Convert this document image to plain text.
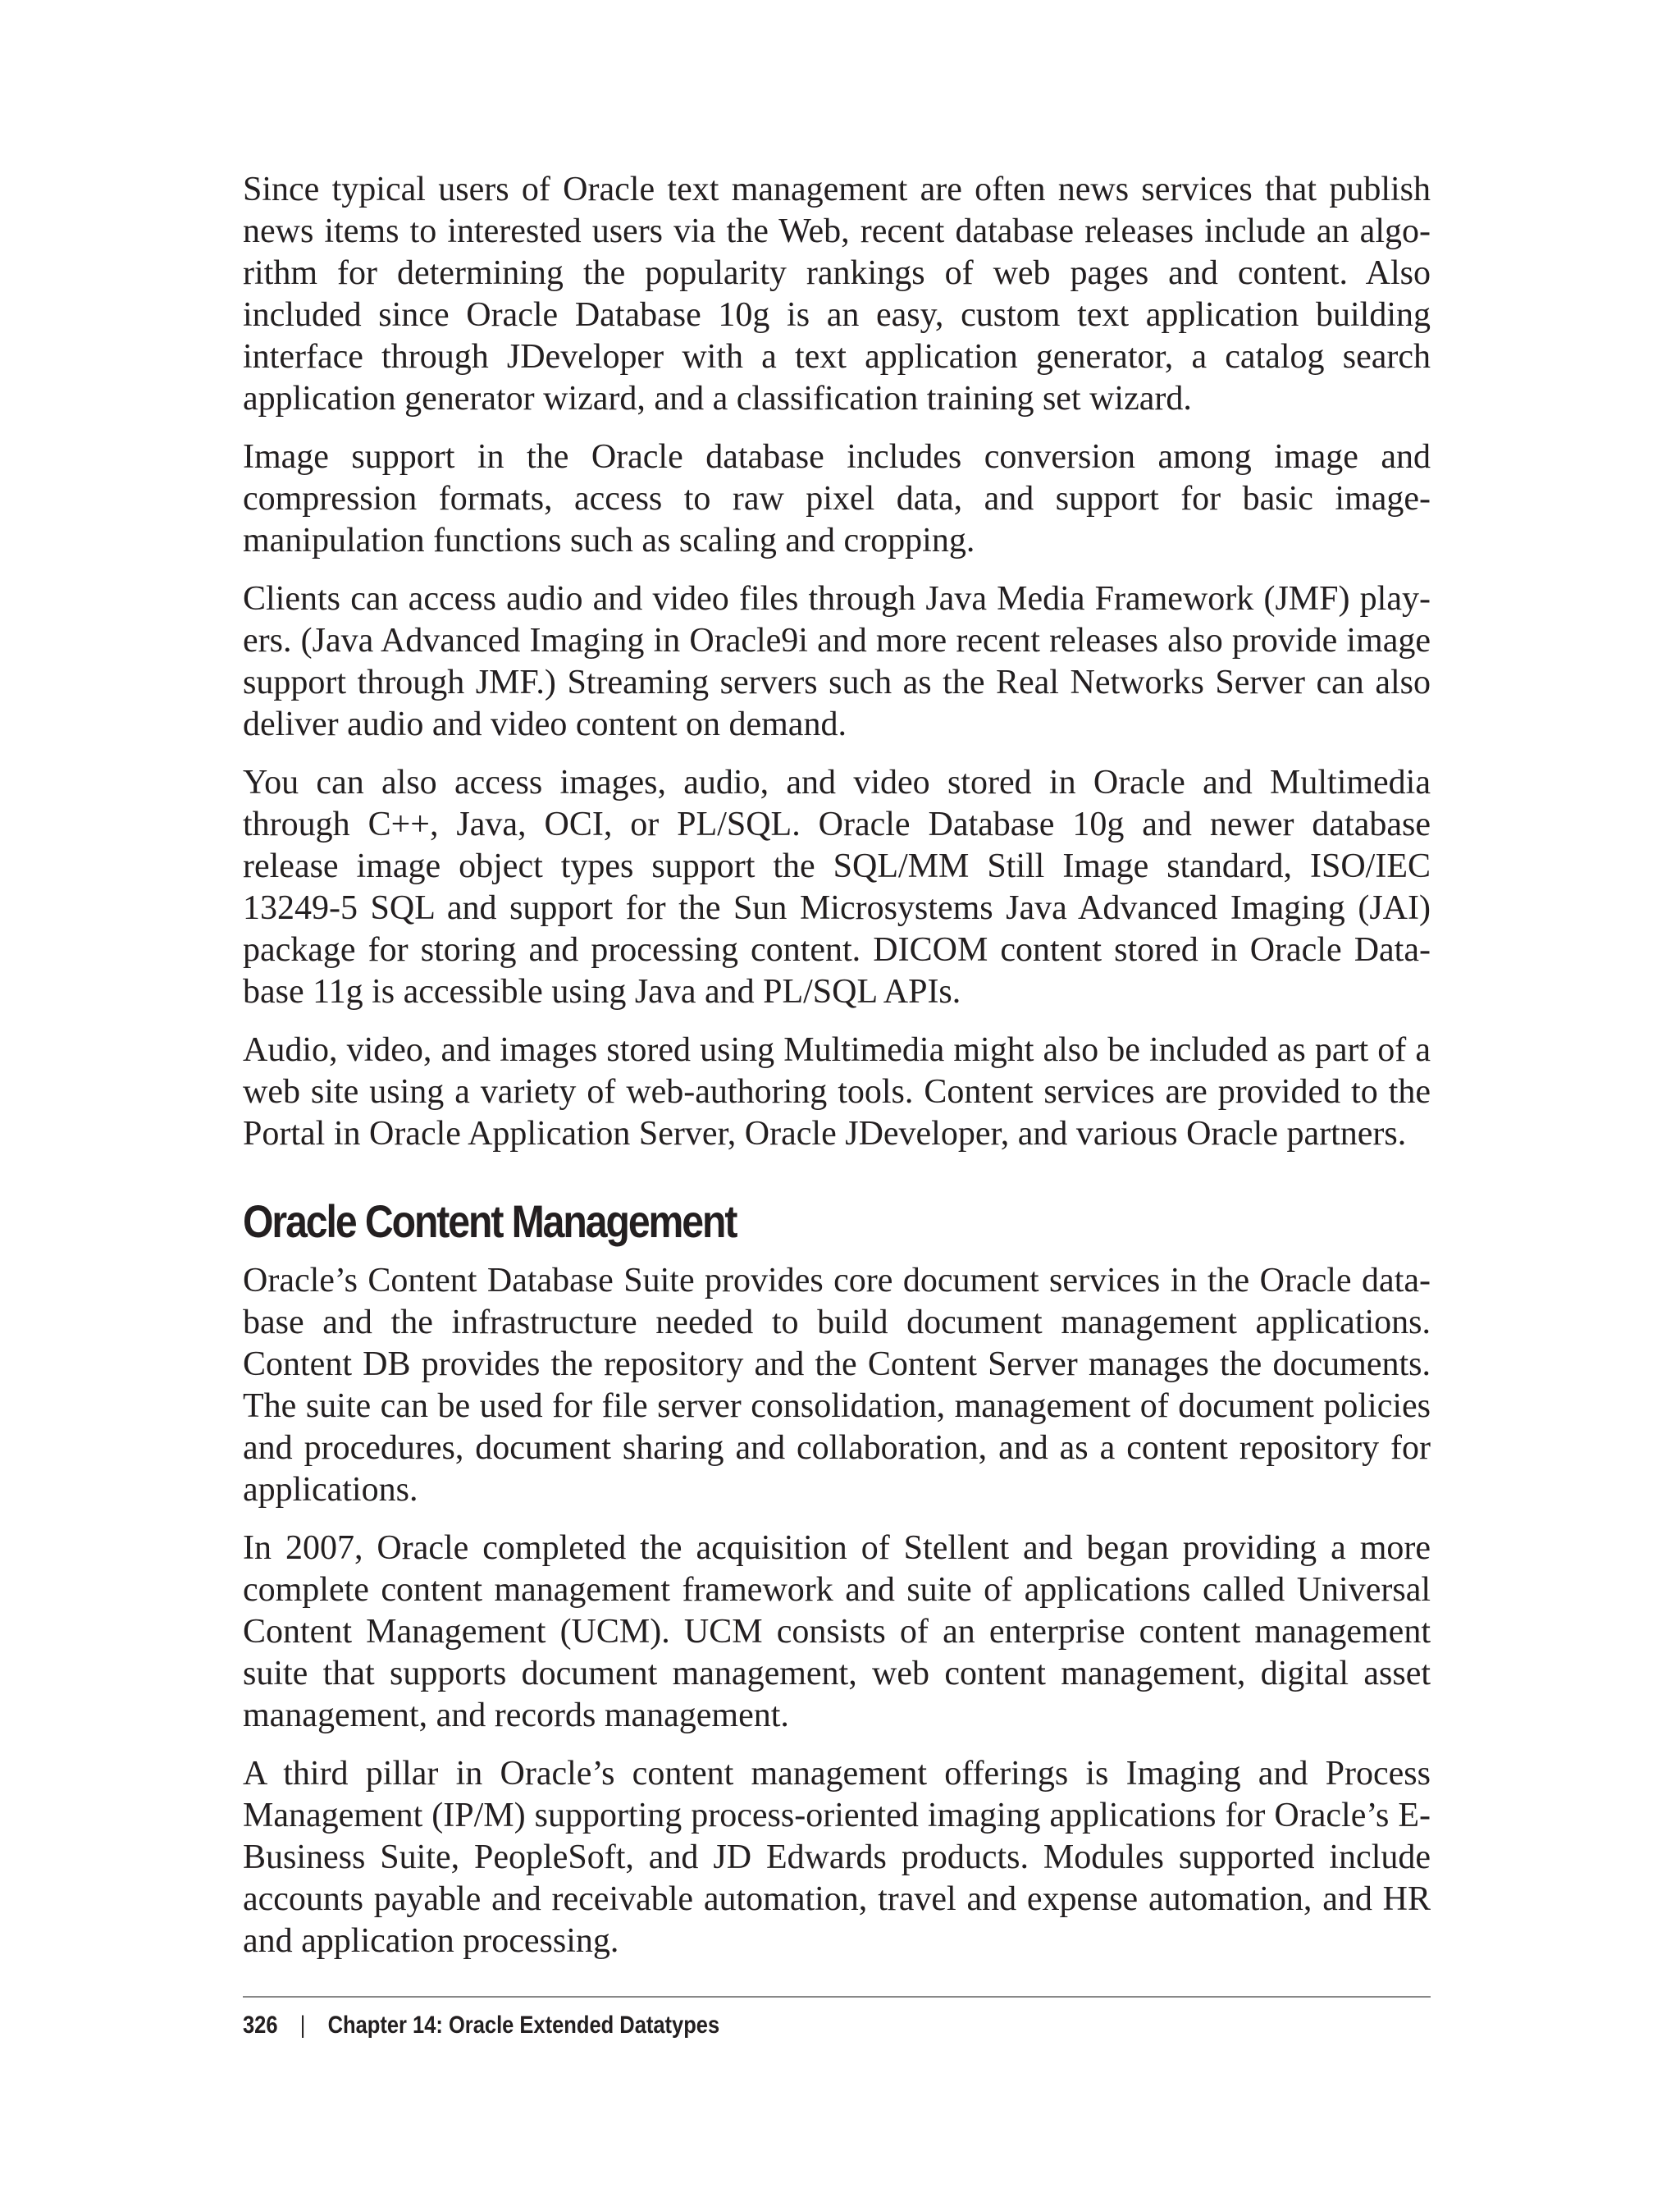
Since typical users of Oracle text management are often news services that publish news items to interested users via the Web, recent database releases include an algorithm for determining the popularity rankings of web pages and content. Also included since Oracle Database 10g is an easy, custom text application building interface through JDeveloper with a text application generator, a catalog search application generator wizard, and a classification training set wizard.

Image support in the Oracle database includes conversion among image and compression formats, access to raw pixel data, and support for basic image-manipulation functions such as scaling and cropping.

Clients can access audio and video files through Java Media Framework (JMF) players. (Java Advanced Imaging in Oracle9i and more recent releases also provide image support through JMF.) Streaming servers such as the Real Networks Server can also deliver audio and video content on demand.

You can also access images, audio, and video stored in Oracle and Multimedia through C++, Java, OCI, or PL/SQL. Oracle Database 10g and newer database release image object types support the SQL/MM Still Image standard, ISO/IEC 13249-5 SQL and support for the Sun Microsystems Java Advanced Imaging (JAI) package for storing and processing content. DICOM content stored in Oracle Database 11g is accessible using Java and PL/SQL APIs.

Audio, video, and images stored using Multimedia might also be included as part of a web site using a variety of web-authoring tools. Content services are provided to the Portal in Oracle Application Server, Oracle JDeveloper, and various Oracle partners.

Oracle Content Management

Oracle’s Content Database Suite provides core document services in the Oracle database and the infrastructure needed to build document management applications. Content DB provides the repository and the Content Server manages the documents. The suite can be used for file server consolidation, management of document policies and procedures, document sharing and collaboration, and as a content repository for applications.

In 2007, Oracle completed the acquisition of Stellent and began providing a more complete content management framework and suite of applications called Universal Content Management (UCM). UCM consists of an enterprise content management suite that supports document management, web content management, digital asset management, and records management.

A third pillar in Oracle’s content management offerings is Imaging and Process Management (IP/M) supporting process-oriented imaging applications for Oracle’s E-Business Suite, PeopleSoft, and JD Edwards products. Modules supported include accounts payable and receivable automation, travel and expense automation, and HR and application processing.

326 | Chapter 14: Oracle Extended Datatypes
